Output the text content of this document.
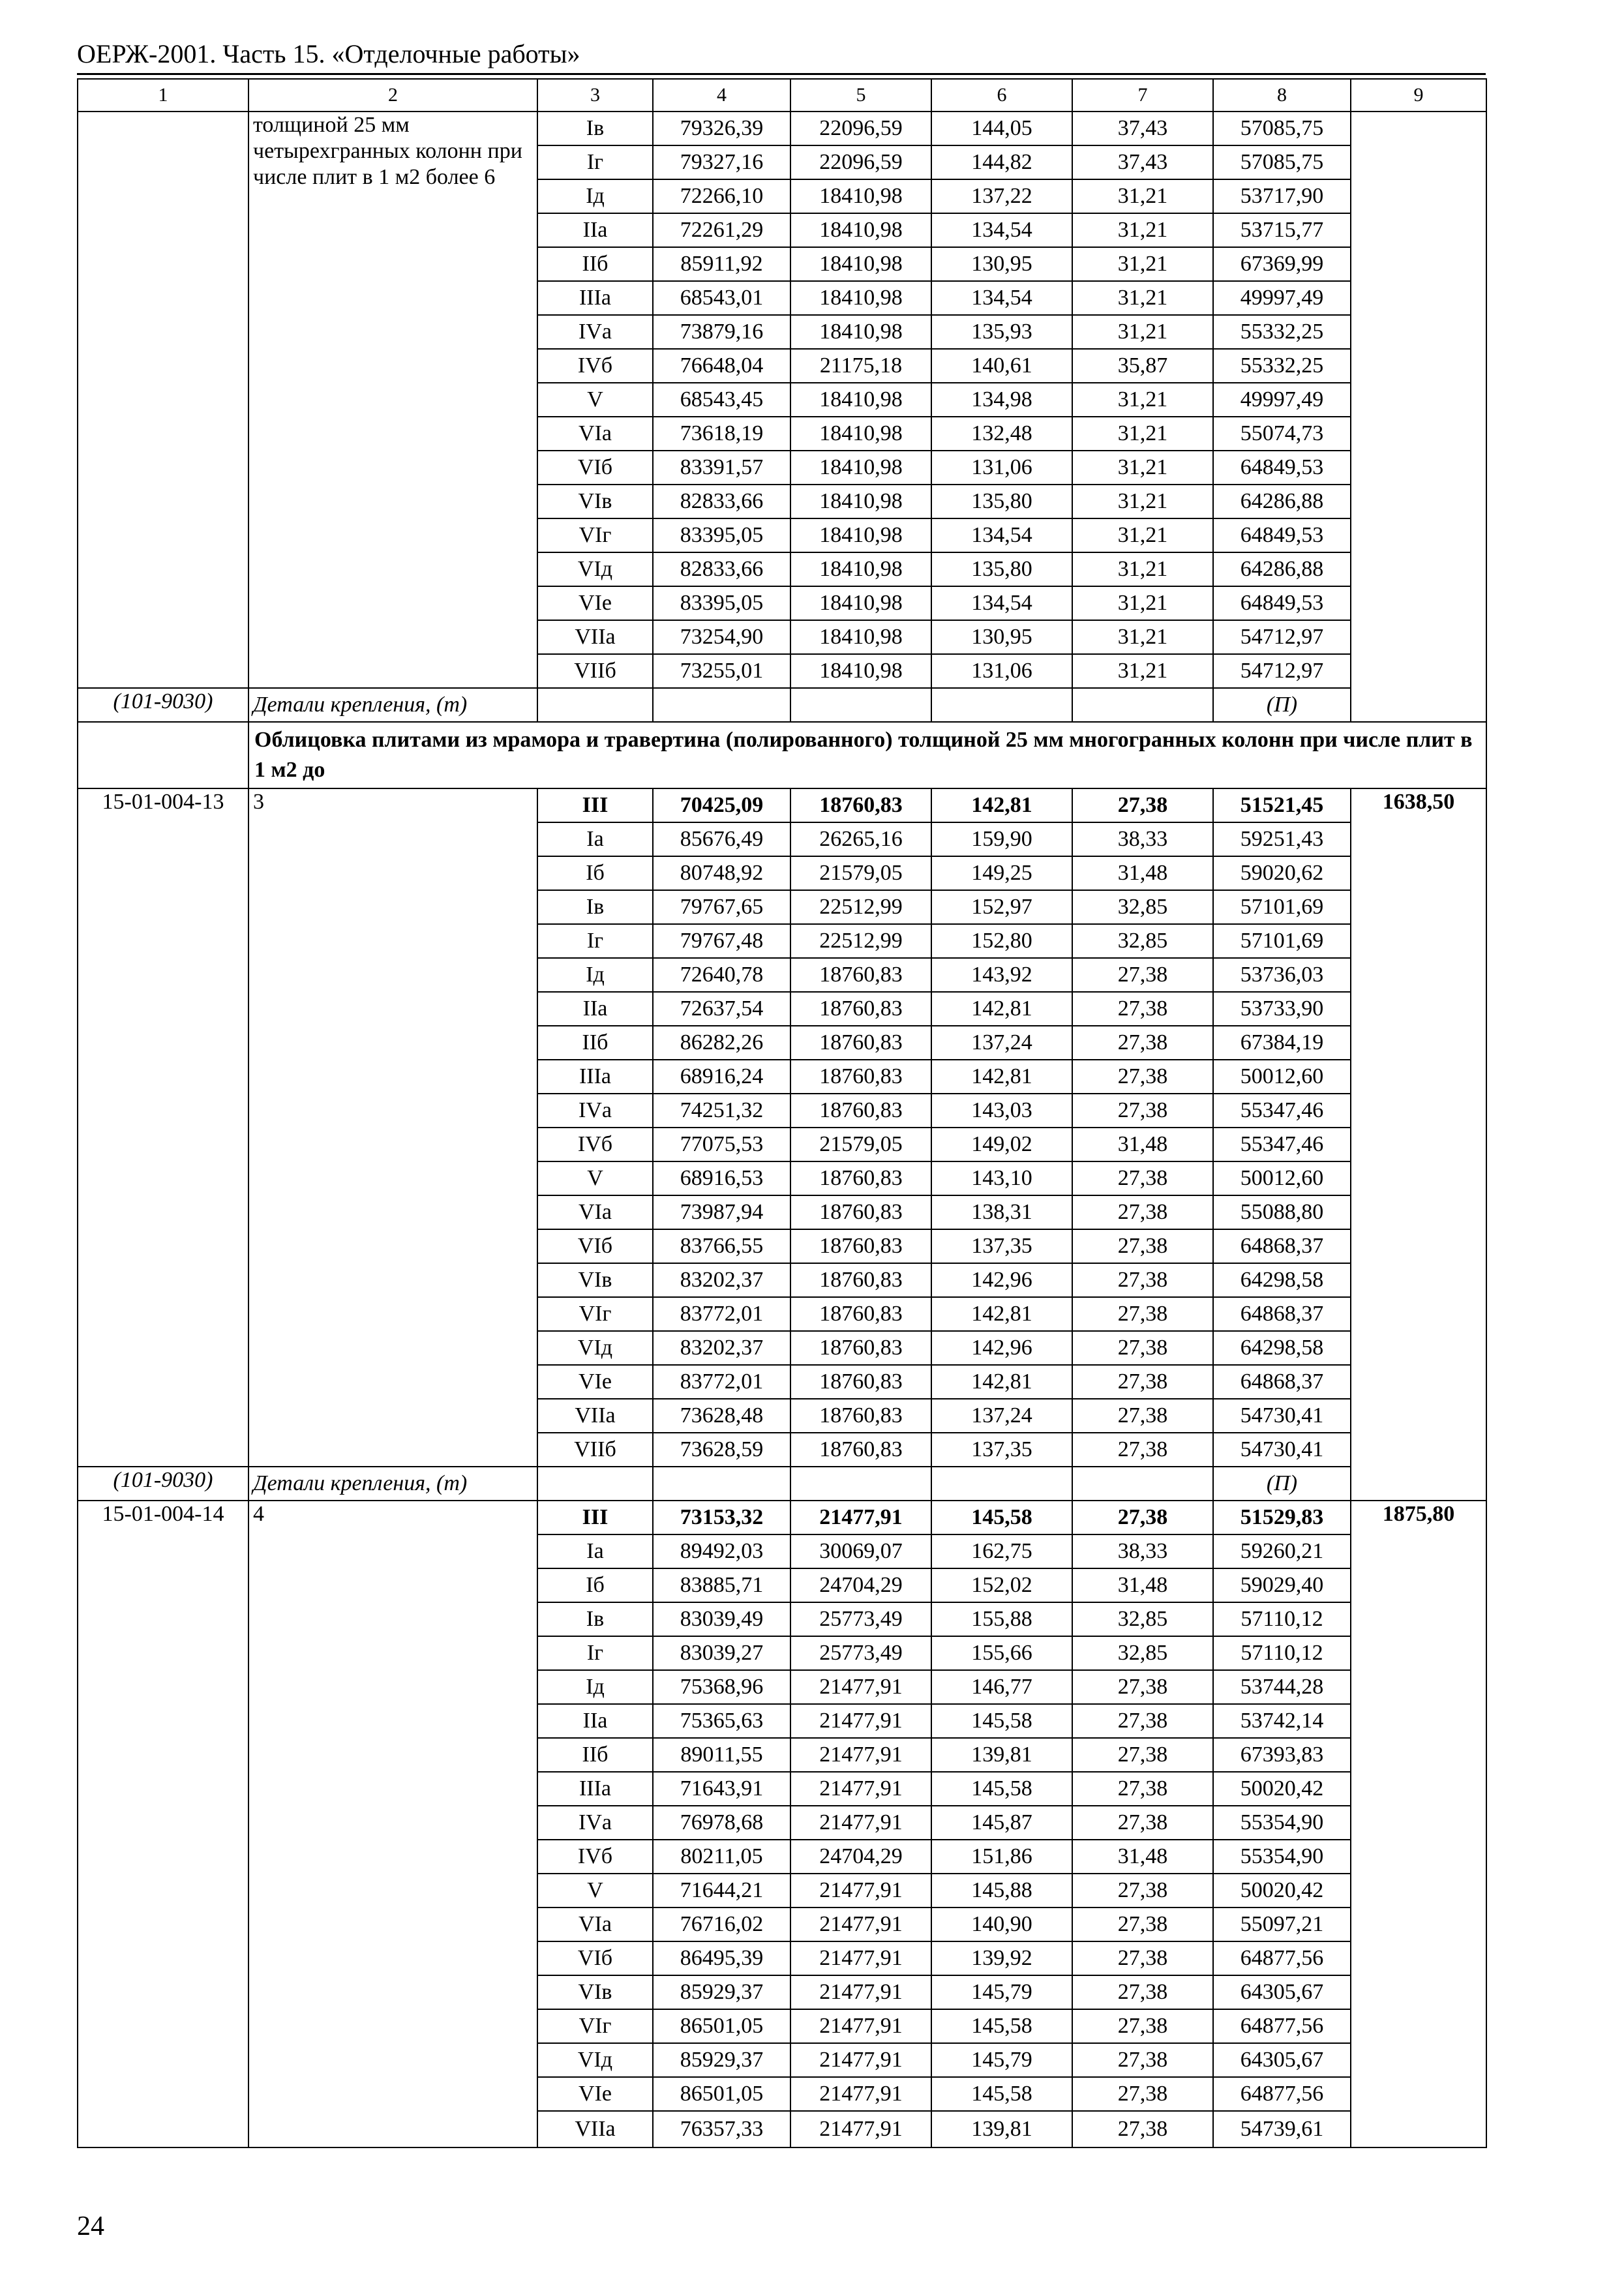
ОЕРЖ-2001. Часть 15. «Отделочные работы»
1	2	3	4	5	6	7	8	9
	толщиной 25 мм четырехгранных колонн при числе плит в 1 м2 более 6	Iв	79326,39	22096,59	144,05	37,43	57085,75	
		Iг	79327,16	22096,59	144,82	37,43	57085,75	
		Iд	72266,10	18410,98	137,22	31,21	53717,90	
		IIа	72261,29	18410,98	134,54	31,21	53715,77	
		IIб	85911,92	18410,98	130,95	31,21	67369,99	
		IIIа	68543,01	18410,98	134,54	31,21	49997,49	
		IVа	73879,16	18410,98	135,93	31,21	55332,25	
		IVб	76648,04	21175,18	140,61	35,87	55332,25	
		V	68543,45	18410,98	134,98	31,21	49997,49	
		VIа	73618,19	18410,98	132,48	31,21	55074,73	
		VIб	83391,57	18410,98	131,06	31,21	64849,53	
		VIв	82833,66	18410,98	135,80	31,21	64286,88	
		VIг	83395,05	18410,98	134,54	31,21	64849,53	
		VIд	82833,66	18410,98	135,80	31,21	64286,88	
		VIе	83395,05	18410,98	134,54	31,21	64849,53	
		VIIа	73254,90	18410,98	130,95	31,21	54712,97	
		VIIб	73255,01	18410,98	131,06	31,21	54712,97	
(101-9030)	Детали крепления, (т)						(П)	
	Облицовка плитами из мрамора и травертина (полированного) толщиной 25 мм многогранных колонн при числе плит в 1 м2 до							
15-01-004-13	3	III	70425,09	18760,83	142,81	27,38	51521,45	1638,50
		Iа	85676,49	26265,16	159,90	38,33	59251,43	
		Iб	80748,92	21579,05	149,25	31,48	59020,62	
		Iв	79767,65	22512,99	152,97	32,85	57101,69	
		Iг	79767,48	22512,99	152,80	32,85	57101,69	
		Iд	72640,78	18760,83	143,92	27,38	53736,03	
		IIа	72637,54	18760,83	142,81	27,38	53733,90	
		IIб	86282,26	18760,83	137,24	27,38	67384,19	
		IIIа	68916,24	18760,83	142,81	27,38	50012,60	
		IVа	74251,32	18760,83	143,03	27,38	55347,46	
		IVб	77075,53	21579,05	149,02	31,48	55347,46	
		V	68916,53	18760,83	143,10	27,38	50012,60	
		VIа	73987,94	18760,83	138,31	27,38	55088,80	
		VIб	83766,55	18760,83	137,35	27,38	64868,37	
		VIв	83202,37	18760,83	142,96	27,38	64298,58	
		VIг	83772,01	18760,83	142,81	27,38	64868,37	
		VIд	83202,37	18760,83	142,96	27,38	64298,58	
		VIе	83772,01	18760,83	142,81	27,38	64868,37	
		VIIа	73628,48	18760,83	137,24	27,38	54730,41	
		VIIб	73628,59	18760,83	137,35	27,38	54730,41	
(101-9030)	Детали крепления, (т)						(П)	
15-01-004-14	4	III	73153,32	21477,91	145,58	27,38	51529,83	1875,80
		Iа	89492,03	30069,07	162,75	38,33	59260,21	
		Iб	83885,71	24704,29	152,02	31,48	59029,40	
		Iв	83039,49	25773,49	155,88	32,85	57110,12	
		Iг	83039,27	25773,49	155,66	32,85	57110,12	
		Iд	75368,96	21477,91	146,77	27,38	53744,28	
		IIа	75365,63	21477,91	145,58	27,38	53742,14	
		IIб	89011,55	21477,91	139,81	27,38	67393,83	
		IIIа	71643,91	21477,91	145,58	27,38	50020,42	
		IVа	76978,68	21477,91	145,87	27,38	55354,90	
		IVб	80211,05	24704,29	151,86	31,48	55354,90	
		V	71644,21	21477,91	145,88	27,38	50020,42	
		VIа	76716,02	21477,91	140,90	27,38	55097,21	
		VIб	86495,39	21477,91	139,92	27,38	64877,56	
		VIв	85929,37	21477,91	145,79	27,38	64305,67	
		VIг	86501,05	21477,91	145,58	27,38	64877,56	
		VIд	85929,37	21477,91	145,79	27,38	64305,67	
		VIе	86501,05	21477,91	145,58	27,38	64877,56	
		VIIа	76357,33	21477,91	139,81	27,38	54739,61	
24
